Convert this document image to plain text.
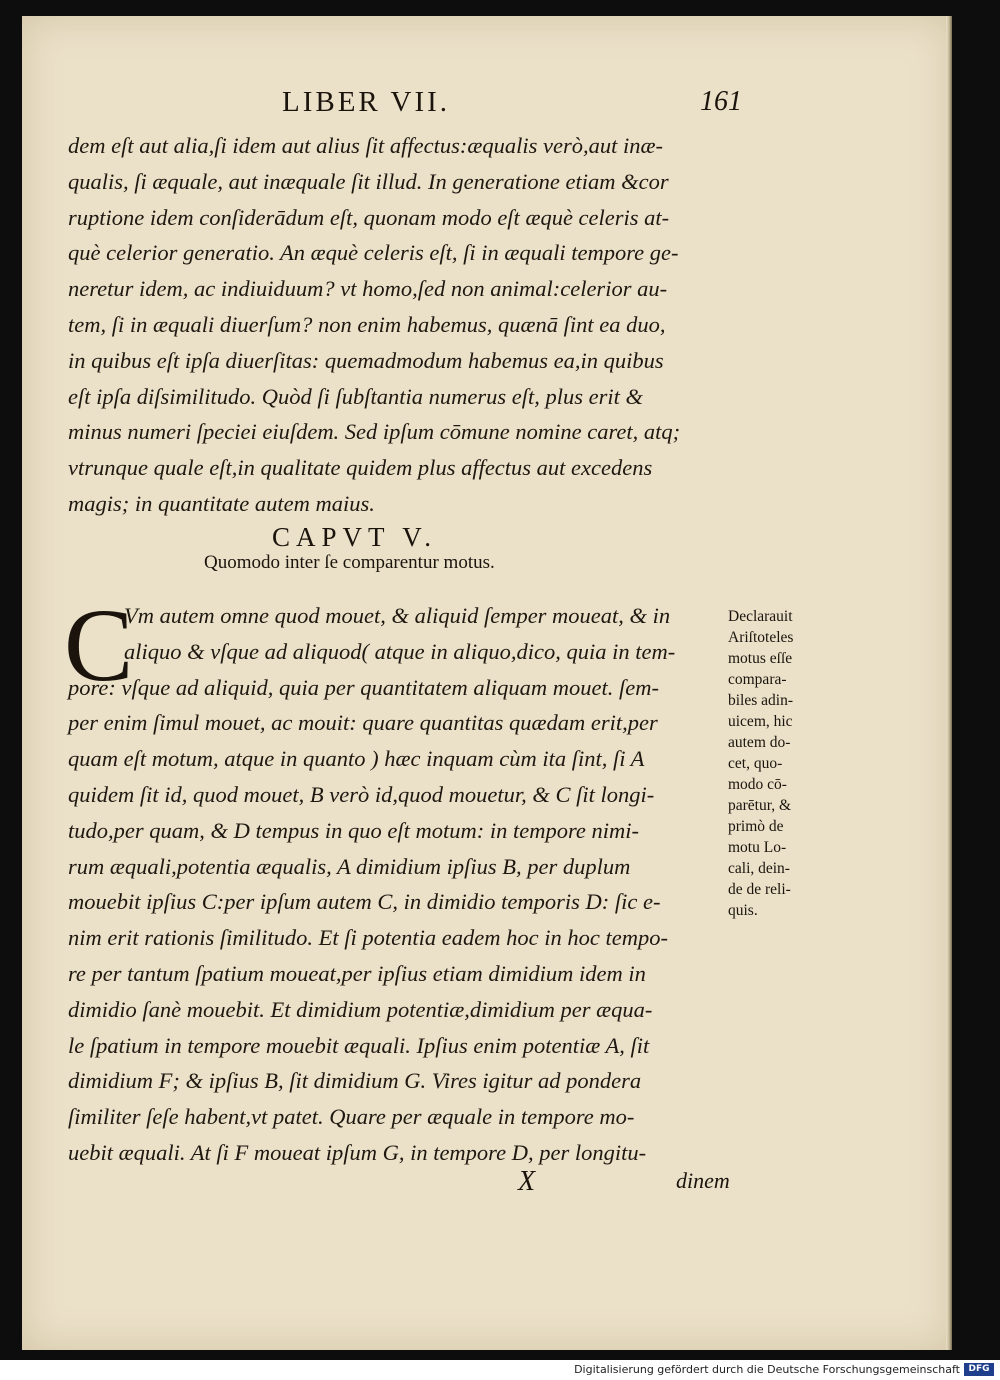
LIBER VII.	161
dem eſt aut alia,ſi idem aut alius ſit affectus:æqualis verò,aut inæ-
qualis, ſi æquale, aut inæquale ſit illud. In generatione etiam &cor
ruptione idem conſiderādum eſt, quonam modo eſt æquè celeris at-
què celerior generatio. An æquè celeris eſt, ſi in æquali tempore ge-
neretur idem, ac indiuiduum? vt homo,ſed non animal:celerior au-
tem, ſi in æquali diuerſum? non enim habemus, quænā ſint ea duo,
in quibus eſt ipſa diuerſitas: quemadmodum habemus ea,in quibus
eſt ipſa diſsimilitudo. Quòd ſi ſubſtantia numerus eſt, plus erit &
minus numeri ſpeciei eiuſdem. Sed ipſum cōmune nomine caret, atq;
vtrunque quale eſt,in qualitate quidem plus affectus aut excedens
magis; in quantitate autem maius.
CAPVT V.
Quomodo inter ſe comparentur motus.
C
Vm autem omne quod mouet, & aliquid ſemper moueat, & in
aliquo & vſque ad aliquod( atque in aliquo,dico, quia in tem-
pore: vſque ad aliquid, quia per quantitatem aliquam mouet. ſem-
per enim ſimul mouet, ac mouit: quare quantitas quædam erit,per
quam eſt motum, atque in quanto ) hæc inquam cùm ita ſint, ſi A
quidem ſit id, quod mouet, B verò id,quod mouetur, & C ſit longi-
tudo,per quam, & D tempus in quo eſt motum: in tempore nimi-
rum æquali,potentia æqualis, A dimidium ipſius B, per duplum
mouebit ipſius C:per ipſum autem C, in dimidio temporis D: ſic e-
nim erit rationis ſimilitudo. Et ſi potentia eadem hoc in hoc tempo-
re per tantum ſpatium moueat,per ipſius etiam dimidium idem in
dimidio ſanè mouebit. Et dimidium potentiæ,dimidium per æqua-
le ſpatium in tempore mouebit æquali. Ipſius enim potentiæ A, ſit
dimidium F; & ipſius B, ſit dimidium G. Vires igitur ad pondera
ſimiliter ſeſe habent,vt patet. Quare per æquale in tempore mo-
uebit æquali. At ſi F moueat ipſum G, in tempore D, per longitu-
Declarauit
Ariſtoteles
motus eſſe
compara-
biles adin-
uicem, hic
autem do-
cet, quo-
modo cō-
parētur, &
primò de
motu Lo-
cali, dein-
de de reli-
quis.
X	dinem
Digitalisierung gefördert durch die Deutsche Forschungsgemeinschaft DFG
